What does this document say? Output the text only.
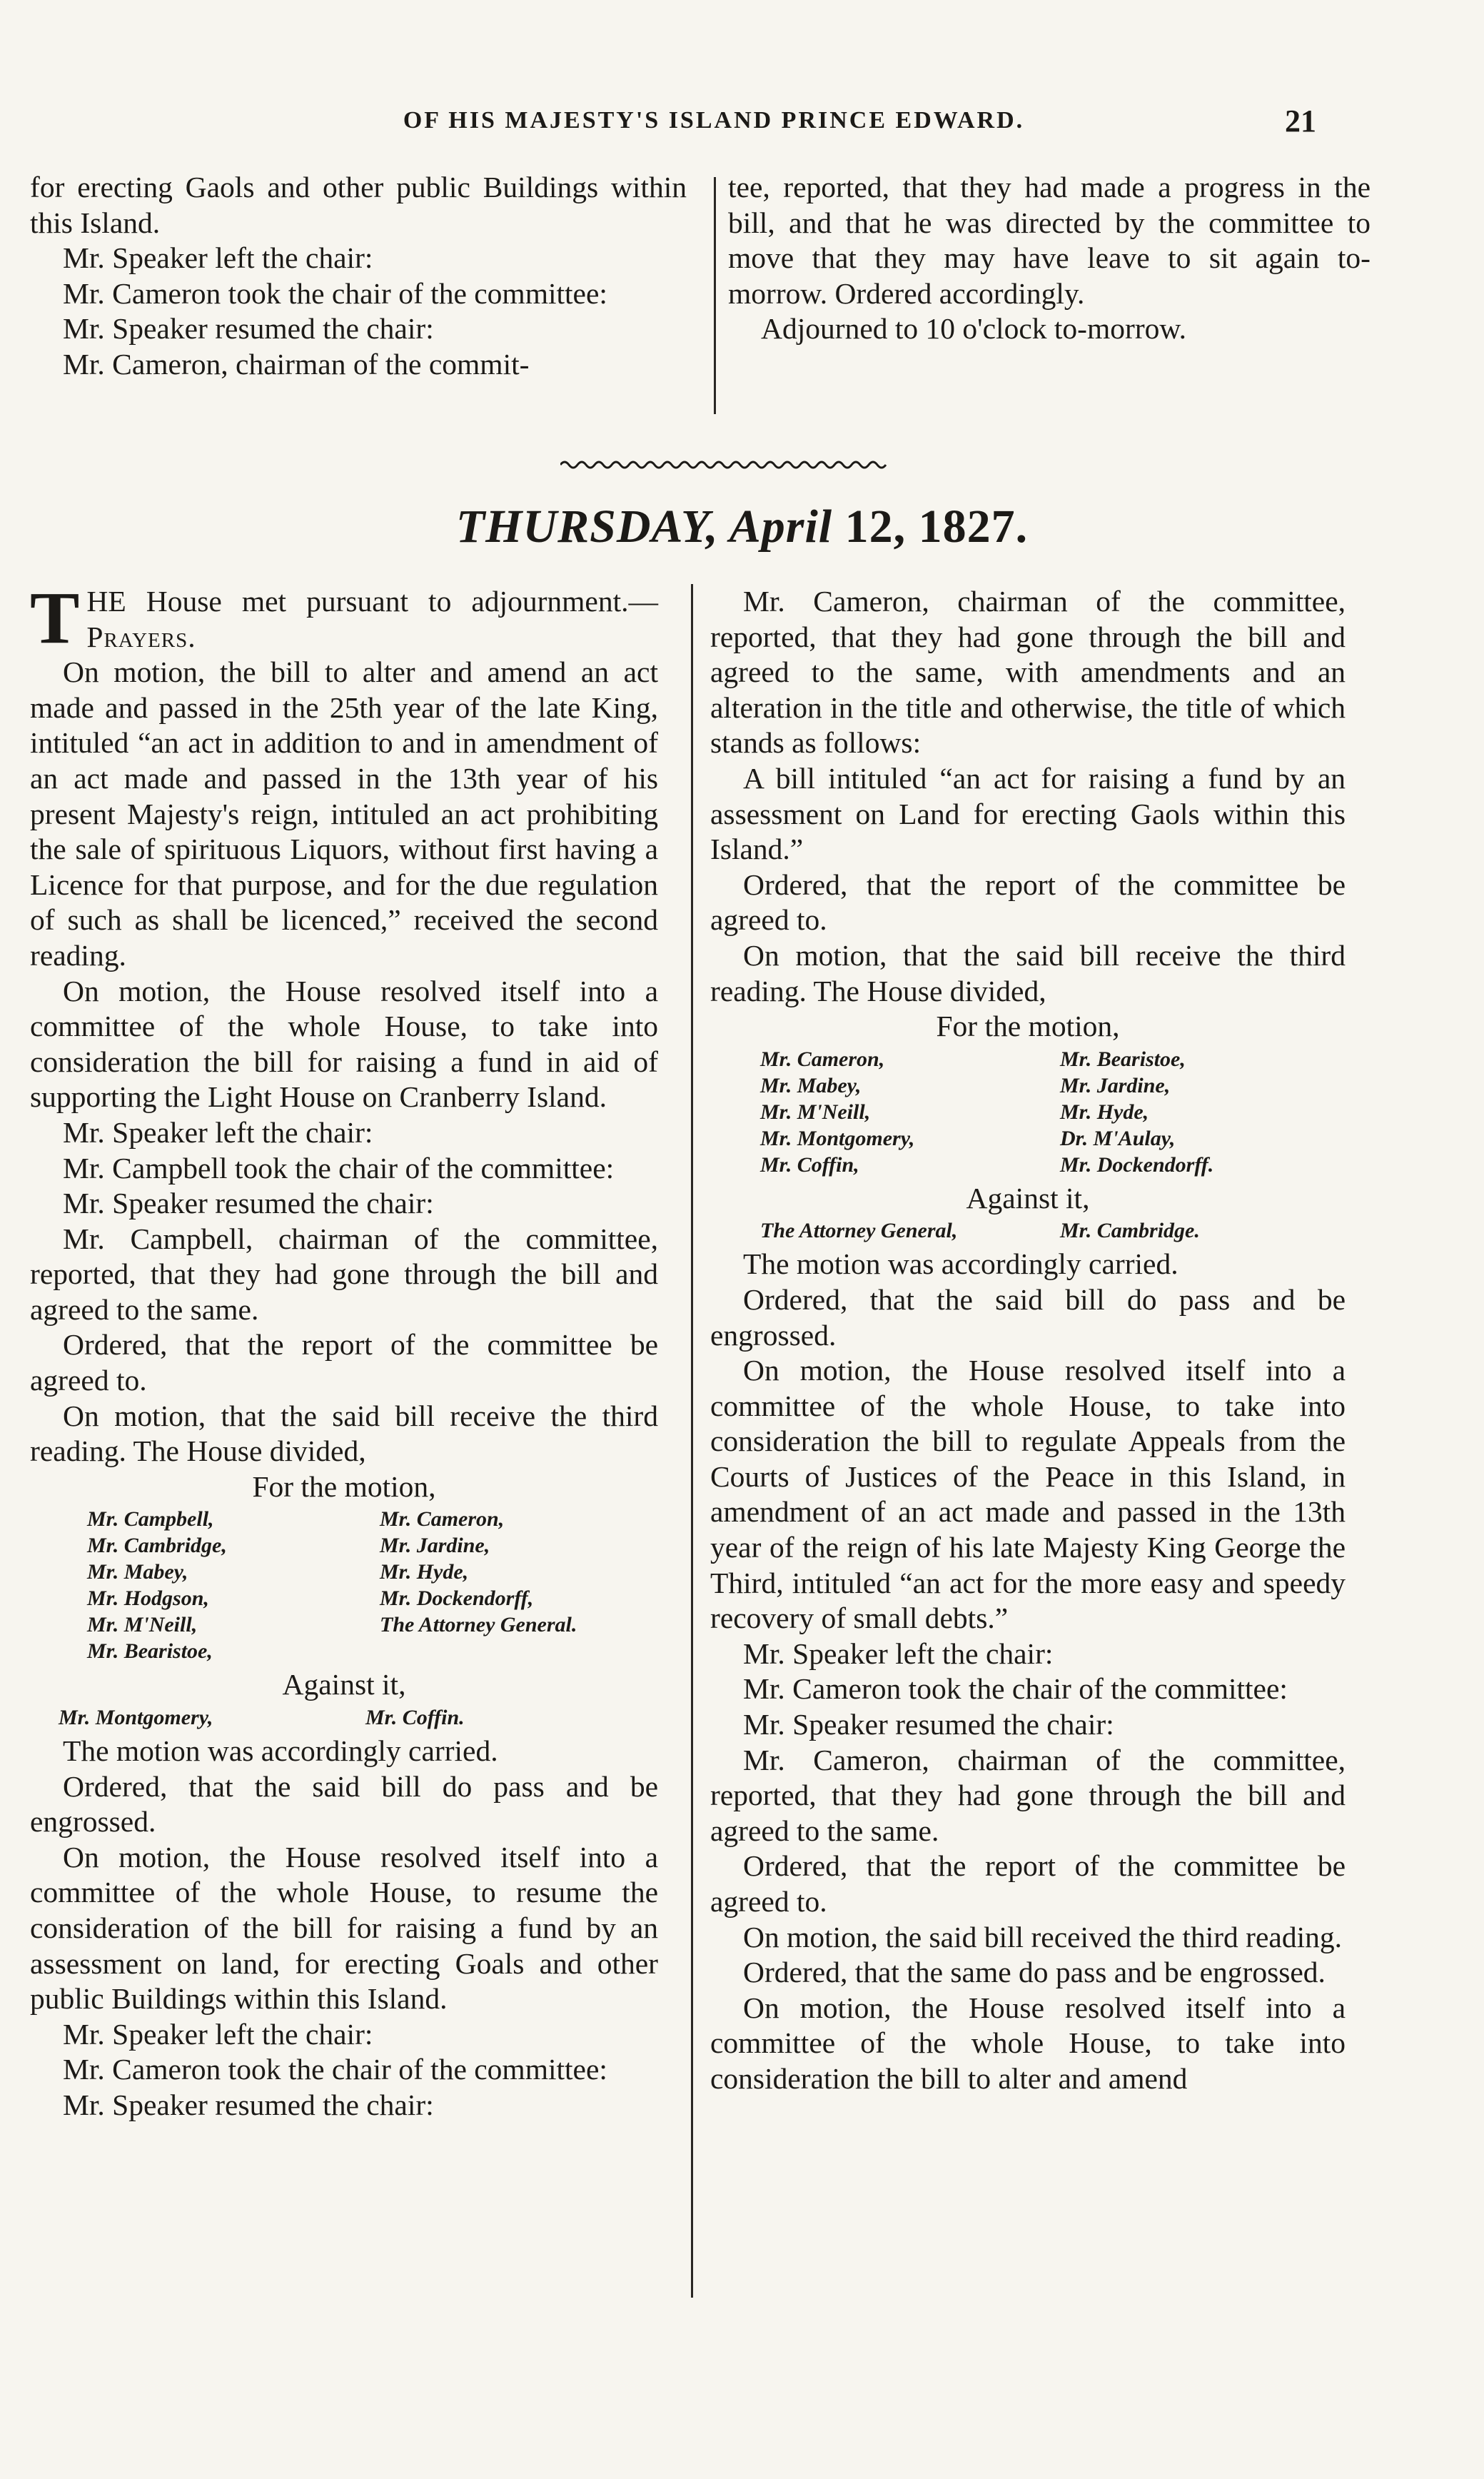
OF HIS MAJESTY'S ISLAND PRINCE EDWARD.	21

for erecting Gaols and other public Buildings within this Island.

Mr. Speaker left the chair:

Mr. Cameron took the chair of the committee:

Mr. Speaker resumed the chair:

Mr. Cameron, chairman of the commit-

tee, reported, that they had made a progress in the bill, and that he was directed by the committee to move that they may have leave to sit again to-morrow. Ordered accordingly.

Adjourned to 10 o'clock to-morrow.

THURSDAY, April 12, 1827.

THE House met pursuant to adjournment.—Prayers.

On motion, the bill to alter and amend an act made and passed in the 25th year of the late King, intituled “an act in addition to and in amendment of an act made and passed in the 13th year of his present Majesty's reign, intituled an act prohibiting the sale of spirituous Liquors, without first having a Licence for that purpose, and for the due regulation of such as shall be licenced,” received the second reading.

On motion, the House resolved itself into a committee of the whole House, to take into consideration the bill for raising a fund in aid of supporting the Light House on Cranberry Island.

Mr. Speaker left the chair:

Mr. Campbell took the chair of the committee:

Mr. Speaker resumed the chair:

Mr. Campbell, chairman of the committee, reported, that they had gone through the bill and agreed to the same.

Ordered, that the report of the committee be agreed to.

On motion, that the said bill receive the third reading. The House divided,

For the motion,

Mr. Campbell,	Mr. Cameron,
Mr. Cambridge,	Mr. Jardine,
Mr. Mabey,	Mr. Hyde,
Mr. Hodgson,	Mr. Dockendorff,
Mr. M'Neill,	The Attorney General.
Mr. Bearistoe,

Against it,

Mr. Montgomery,	Mr. Coffin.

The motion was accordingly carried.

Ordered, that the said bill do pass and be engrossed.

On motion, the House resolved itself into a committee of the whole House, to resume the consideration of the bill for raising a fund by an assessment on land, for erecting Goals and other public Buildings within this Island.

Mr. Speaker left the chair:

Mr. Cameron took the chair of the committee:

Mr. Speaker resumed the chair:

Mr. Cameron, chairman of the committee, reported, that they had gone through the bill and agreed to the same, with amendments and an alteration in the title and otherwise, the title of which stands as follows:

A bill intituled “an act for raising a fund by an assessment on Land for erecting Gaols within this Island.”

Ordered, that the report of the committee be agreed to.

On motion, that the said bill receive the third reading. The House divided,

For the motion,

Mr. Cameron,	Mr. Bearistoe,
Mr. Mabey,	Mr. Jardine,
Mr. M'Neill,	Mr. Hyde,
Mr. Montgomery,	Dr. M'Aulay,
Mr. Coffin,	Mr. Dockendorff.

Against it,

The Attorney General,	Mr. Cambridge.

The motion was accordingly carried.

Ordered, that the said bill do pass and be engrossed.

On motion, the House resolved itself into a committee of the whole House, to take into consideration the bill to regulate Appeals from the Courts of Justices of the Peace in this Island, in amendment of an act made and passed in the 13th year of the reign of his late Majesty King George the Third, intituled “an act for the more easy and speedy recovery of small debts.”

Mr. Speaker left the chair:

Mr. Cameron took the chair of the committee:

Mr. Speaker resumed the chair:

Mr. Cameron, chairman of the committee, reported, that they had gone through the bill and agreed to the same.

Ordered, that the report of the committee be agreed to.

On motion, the said bill received the third reading.

Ordered, that the same do pass and be engrossed.

On motion, the House resolved itself into a committee of the whole House, to take into consideration the bill to alter and amend
